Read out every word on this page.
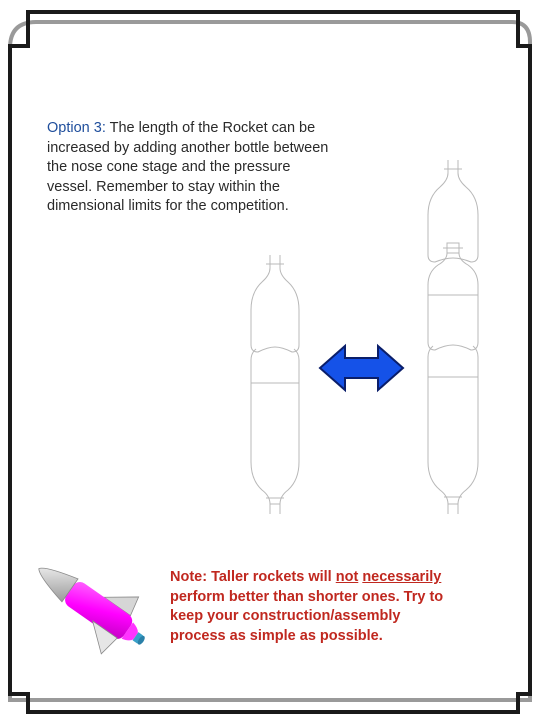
Option 3: The length of the Rocket can be increased by adding another bottle between the nose cone stage and the pressure vessel. Remember to stay within the dimensional limits for the competition.
Note: Taller rockets will not necessarily perform better than shorter ones. Try to keep your construction/assembly process as simple as possible.
